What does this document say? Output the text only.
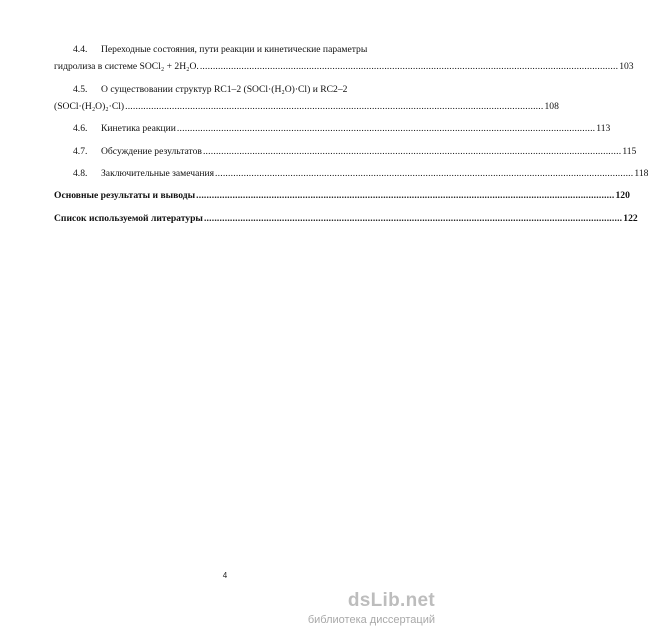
4.4. Переходные состояния, пути реакции и кинетические параметры
гидролиза в системе SOCl₂ + 2H₂O. ................................................................................................................................................................. 103
4.5. О существовании структур RC1–2 (SOCl·(H₂O)·Cl) и RC2–2
(SOCl·(H₂O)₂·Cl) ................................................................................................................................................................. 108
4.6. Кинетика реакции ................................................................................................................................................................. 113
4.7. Обсуждение результатов ................................................................................................................................................................. 115
4.8. Заключительные замечания ................................................................................................................................................................. 118
Основные результаты и выводы ................................................................................................................................................................. 120
Список используемой литературы ................................................................................................................................................................. 122
4
dsLib.net
библиотека диссертаций
